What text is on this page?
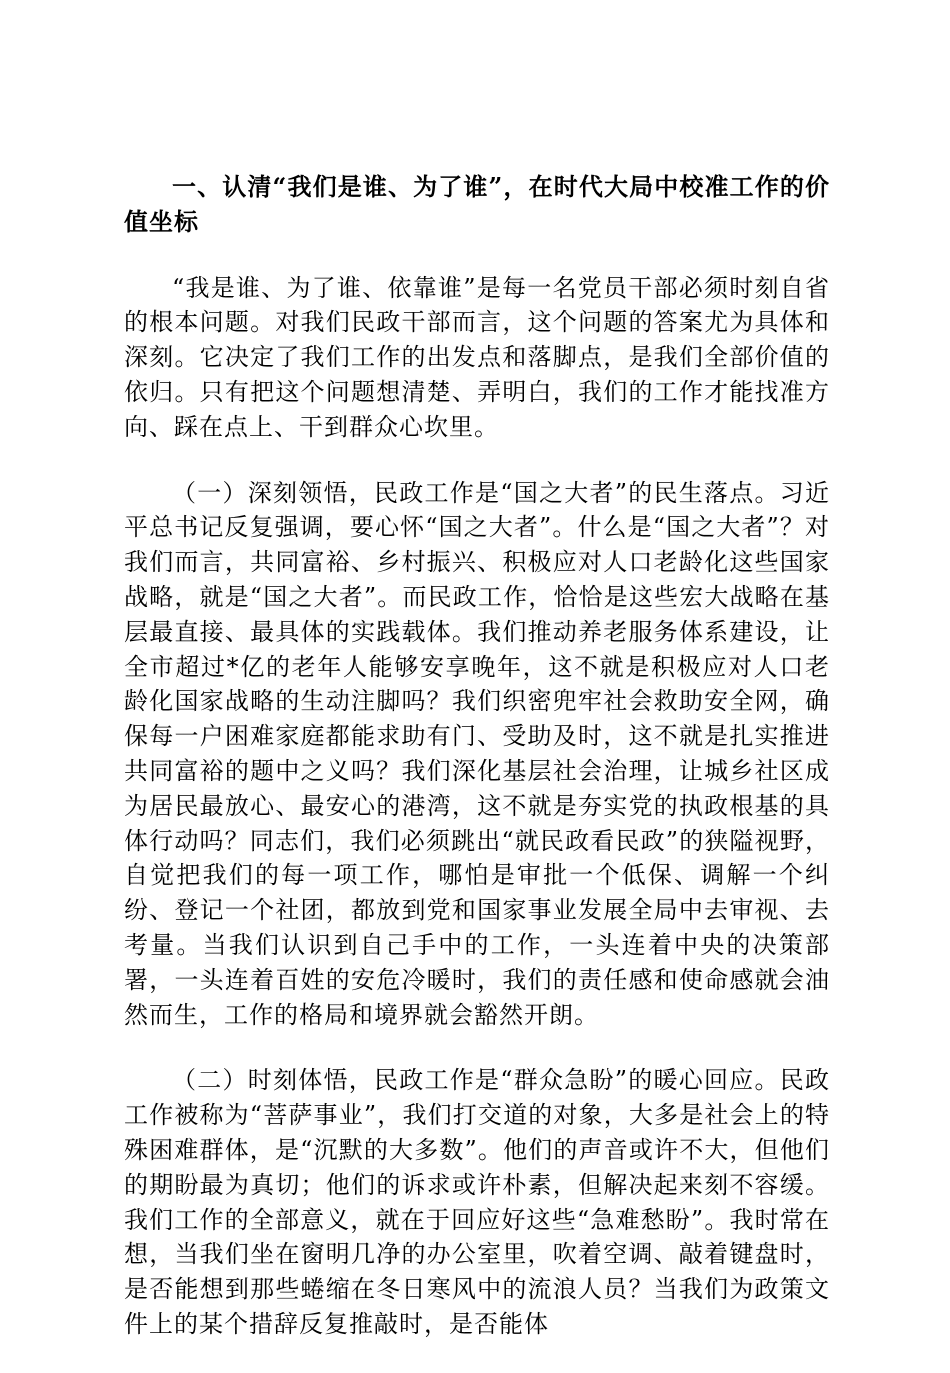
一、认清“我们是谁、为了谁”，在时代大局中校准工作的价值坐标
“我是谁、为了谁、依靠谁”是每一名党员干部必须时刻自省的根本问题。对我们民政干部而言，这个问题的答案尤为具体和深刻。它决定了我们工作的出发点和落脚点，是我们全部价值的依归。只有把这个问题想清楚、弄明白，我们的工作才能找准方向、踩在点上、干到群众心坎里。
（一）深刻领悟，民政工作是“国之大者”的民生落点。习近平总书记反复强调，要心怀“国之大者”。什么是“国之大者”？对我们而言，共同富裕、乡村振兴、积极应对人口老龄化这些国家战略，就是“国之大者”。而民政工作，恰恰是这些宏大战略在基层最直接、最具体的实践载体。我们推动养老服务体系建设，让全市超过*亿的老年人能够安享晚年，这不就是积极应对人口老龄化国家战略的生动注脚吗？我们织密兜牢社会救助安全网，确保每一户困难家庭都能求助有门、受助及时，这不就是扎实推进共同富裕的题中之义吗？我们深化基层社会治理，让城乡社区成为居民最放心、最安心的港湾，这不就是夯实党的执政根基的具体行动吗？同志们，我们必须跳出“就民政看民政”的狭隘视野，自觉把我们的每一项工作，哪怕是审批一个低保、调解一个纠纷、登记一个社团，都放到党和国家事业发展全局中去审视、去考量。当我们认识到自己手中的工作，一头连着中央的决策部署，一头连着百姓的安危冷暖时，我们的责任感和使命感就会油然而生，工作的格局和境界就会豁然开朗。
（二）时刻体悟，民政工作是“群众急盼”的暖心回应。民政工作被称为“菩萨事业”，我们打交道的对象，大多是社会上的特殊困难群体，是“沉默的大多数”。他们的声音或许不大，但他们的期盼最为真切；他们的诉求或许朴素，但解决起来刻不容缓。我们工作的全部意义，就在于回应好这些“急难愁盼”。我时常在想，当我们坐在窗明几净的办公室里，吹着空调、敲着键盘时，是否能想到那些蜷缩在冬日寒风中的流浪人员？当我们为政策文件上的某个措辞反复推敲时，是否能体
